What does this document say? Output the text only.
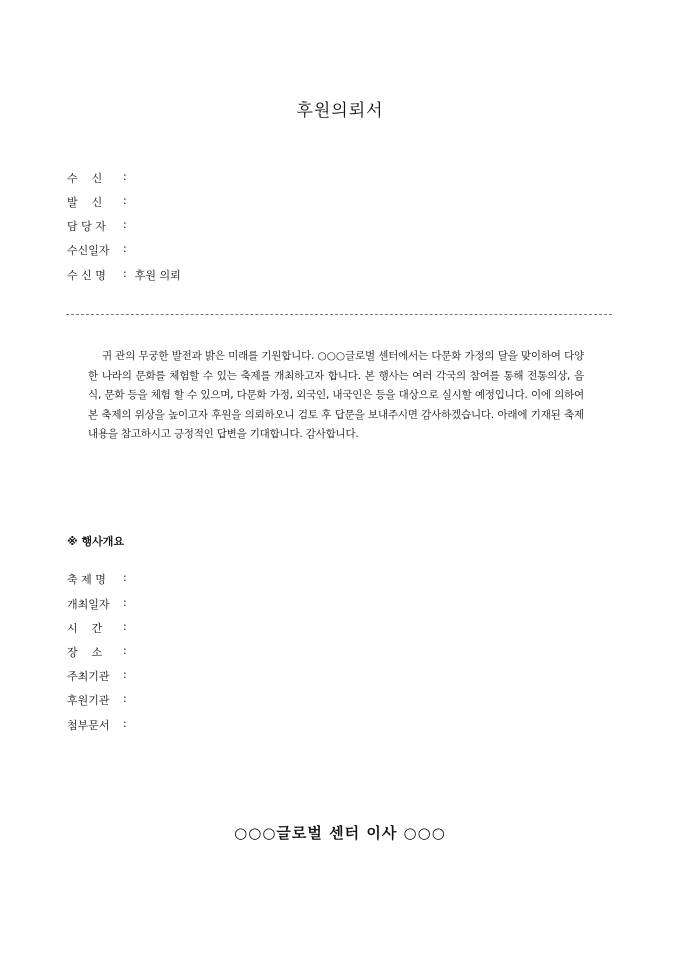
후원의뢰서
수    신	:
발    신	:
담 당 자	:
수신일자	:
수 신 명	: 후원 의뢰
귀 관의 무궁한 발전과 밝은 미래를 기원합니다. ○○○글로벌 센터에서는 다문화 가정의 달을 맞이하여 다양한 나라의 문화를 체험할 수 있는 축제를 개최하고자 합니다. 본 행사는 여러 각국의 참여를 통해 전통의상, 음식, 문화 등을 체험 할 수 있으며, 다문화 가정, 외국인, 내국인은 등을 대상으로 실시할 예정입니다. 이에 의하여 본 축제의 위상을 높이고자 후원을 의뢰하오니 검토 후 답문을 보내주시면 감사하겠습니다. 아래에 기재된 축제내용을 참고하시고 긍정적인 답변을 기대합니다. 감사합니다.
※ 행사개요
축 제 명	:
개최일자	:
시    간	:
장    소	:
주최기관	:
후원기관	:
첨부문서	:
○○○글로벌 센터 이사 ○○○
